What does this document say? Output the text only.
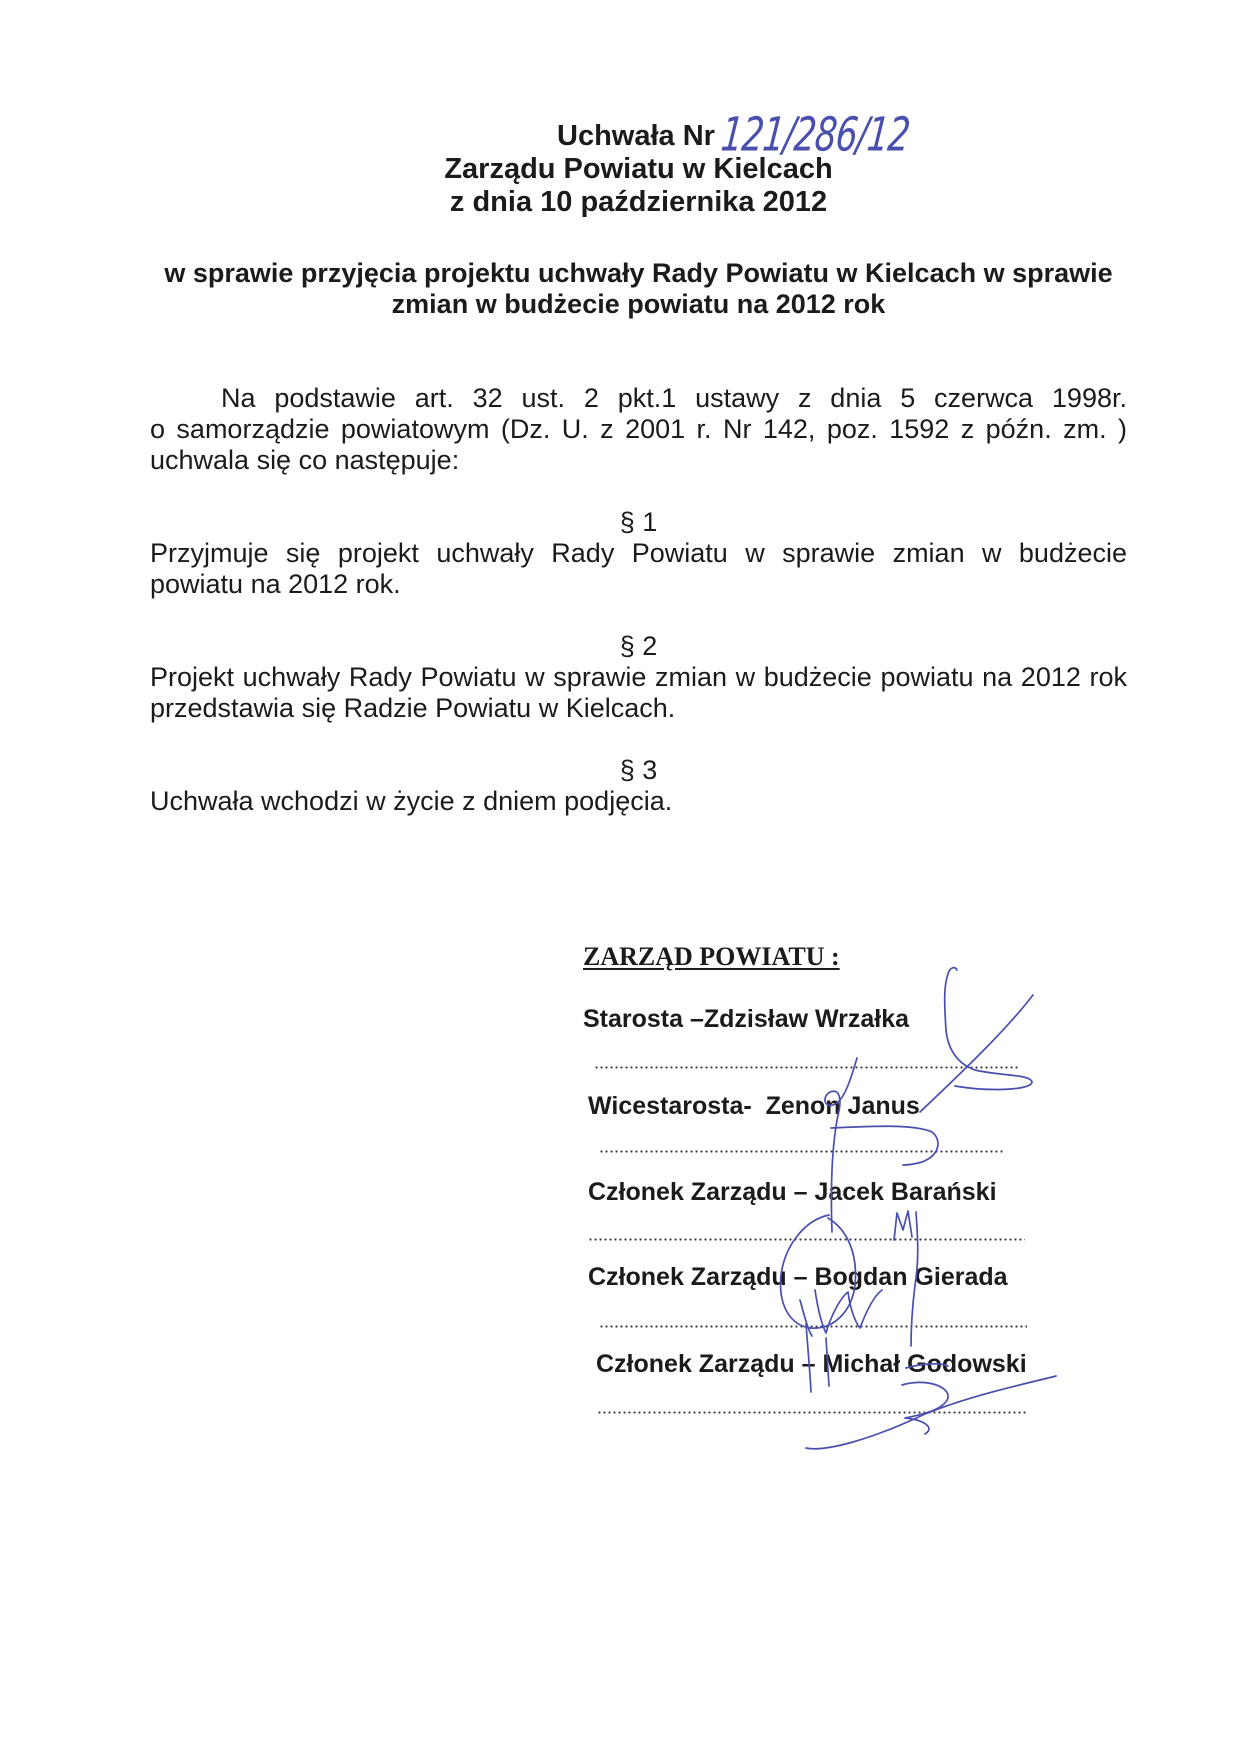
Uchwała Nr 121/286/12
Zarządu Powiatu w Kielcach
z dnia 10 października 2012
w sprawie przyjęcia projektu uchwały Rady Powiatu w Kielcach w sprawie
zmian w budżecie powiatu na 2012 rok
Na podstawie art. 32 ust. 2 pkt.1 ustawy z dnia 5 czerwca 1998r.
o samorządzie powiatowym (Dz. U. z 2001 r. Nr 142, poz. 1592 z późn. zm. )
uchwala się co następuje:
§ 1
Przyjmuje się projekt uchwały Rady Powiatu w sprawie zmian w budżecie
powiatu na 2012 rok.
§ 2
Projekt uchwały Rady Powiatu w sprawie zmian w budżecie powiatu na 2012 rok
przedstawia się Radzie Powiatu w Kielcach.
§ 3
Uchwała wchodzi w życie z dniem podjęcia.
ZARZĄD POWIATU :
Starosta –Zdzisław Wrzałka
Wicestarosta-  Zenon Janus
Członek Zarządu – Jacek Barański
Członek Zarządu – Bogdan Gierada
Członek Zarządu – Michał Godowski
